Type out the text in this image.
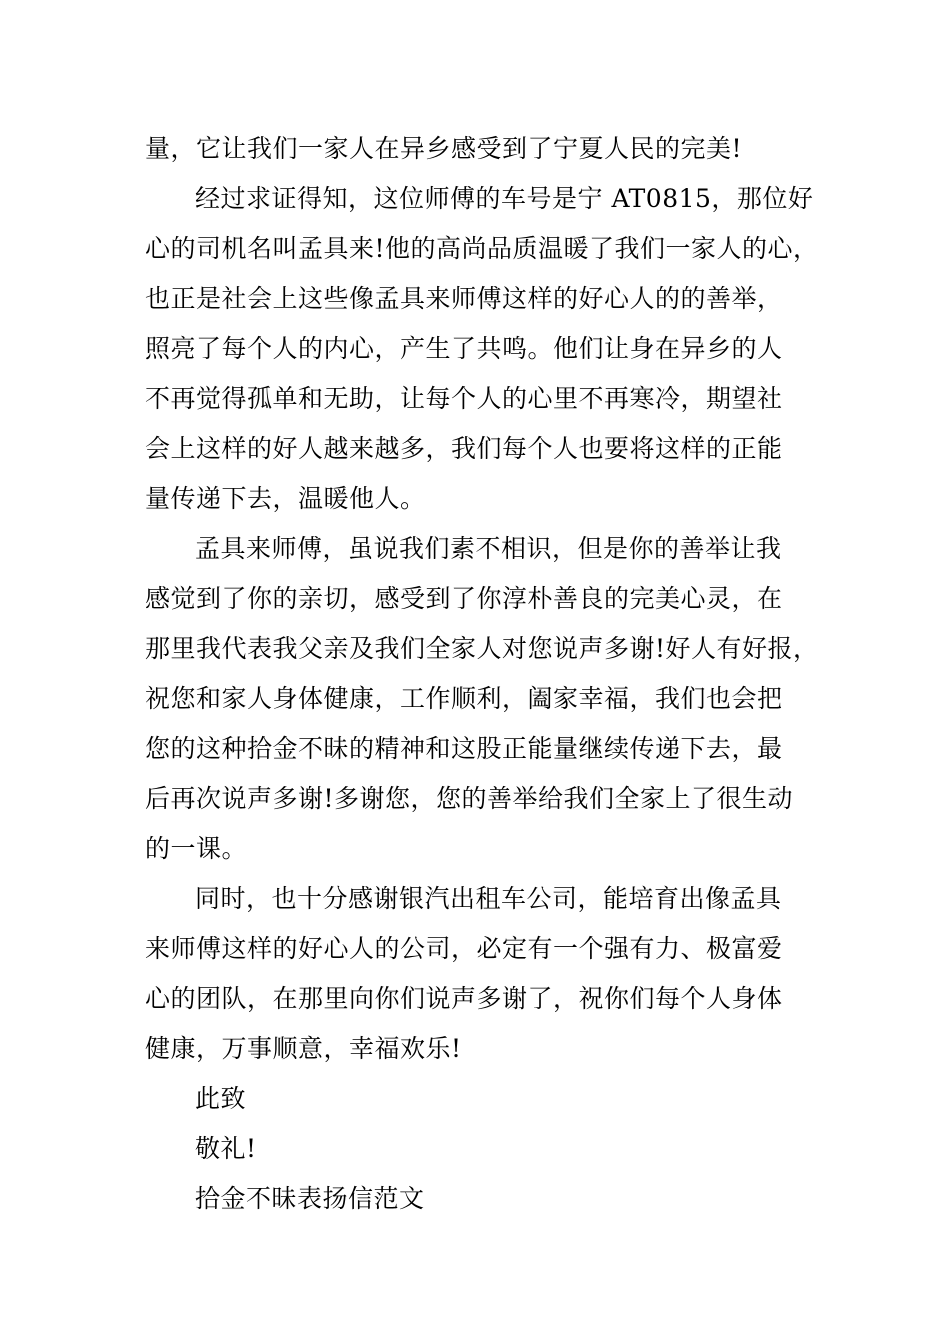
量，它让我们一家人在异乡感受到了宁夏人民的完美!
经过求证得知，这位师傅的车号是宁 AT0815，那位好
心的司机名叫孟具来!他的高尚品质温暖了我们一家人的心，
也正是社会上这些像孟具来师傅这样的好心人的的善举，
照亮了每个人的内心，产生了共鸣。他们让身在异乡的人
不再觉得孤单和无助，让每个人的心里不再寒冷，期望社
会上这样的好人越来越多，我们每个人也要将这样的正能
量传递下去，温暖他人。
孟具来师傅，虽说我们素不相识，但是你的善举让我
感觉到了你的亲切，感受到了你淳朴善良的完美心灵，在
那里我代表我父亲及我们全家人对您说声多谢!好人有好报，
祝您和家人身体健康，工作顺利，阖家幸福，我们也会把
您的这种拾金不昧的精神和这股正能量继续传递下去，最
后再次说声多谢!多谢您，您的善举给我们全家上了很生动
的一课。
同时，也十分感谢银汽出租车公司，能培育出像孟具
来师傅这样的好心人的公司，必定有一个强有力、极富爱
心的团队，在那里向你们说声多谢了，祝你们每个人身体
健康，万事顺意，幸福欢乐!
此致
敬礼!
拾金不昧表扬信范文
